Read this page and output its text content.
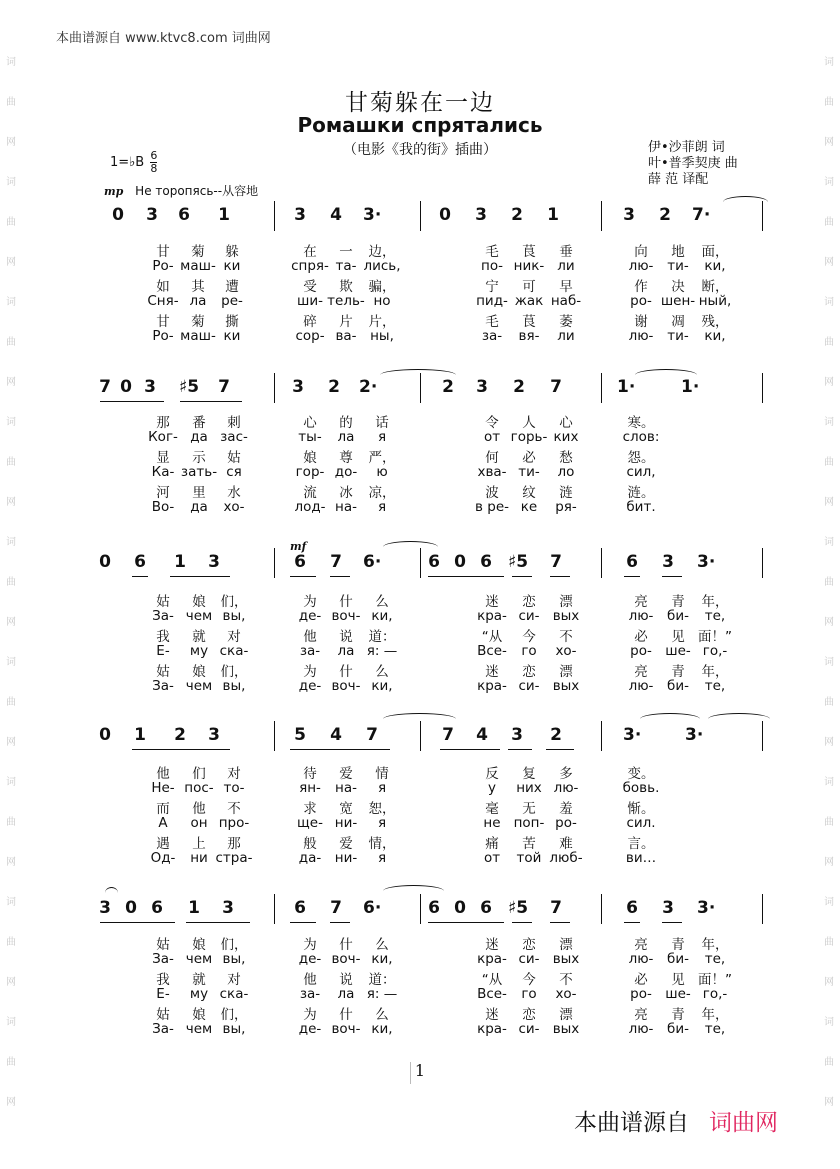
本曲谱源自 www.ktvc8.com 词曲网
词
曲
网
词
曲
网
词
曲
网
词
曲
网
词
曲
网
词
曲
网
词
曲
网
词
曲
网
词
曲
网
词
曲
网
词
曲
网
词
曲
网
词
曲
网
词
曲
网
词
曲
网
词
曲
网
词
曲
网
词
曲
网
甘菊躲在一边
Ромашки спрятались
（电影《我的街》插曲）	伊•沙菲朗 词
叶•普季契庚 曲
薛 范 译配
1=♭B $\frac{6}{8}$
mp Не торопясь--从容地
mf
0 3 6 1	3 4 3·	0 3 2 1	3 2 7·
甘	菊	躲	在	一	边，	毛	茛	垂	向	地	面，
Ро- маш- ки	спря- та- лись,	по- ник- ли	лю-	ти-	ки,
如	其	遭	受	欺	骗，	宁	可	早	作	决	断，
Сня- ла	ре-	ши- тель- но	пид- жак наб-	ро- шен- ный,
甘	菊	撕	碎	片	片，	毛	茛	萎	谢	凋	残，
Ро- маш- ки	сор- ва-	ны,	за-	вя-	ли	лю-	ти-	ки,
7 0 3 ♯5 7	3 2 2·	2 3 2 7	1·	1·
那	番	刺	心	的	话	令	人	心	寒。
Ког- да зас-	ты-	ла	я	от горь- ких	слов:
显	示	姑	娘	尊	严，	何	必	愁	怨。
Ка- зать- ся	гор- до-	ю	хва- ти-	ло	сил,
河	里	水	流	冰	凉，	波	纹	涟	涟。
Во-	да	хо-	лод- на-	я	в ре- ке	ря-	бит.
0 6 1 3	6 7 6·	6 0 6 ♯5 7	6 3 3·
姑	娘	们，	为	什	么	迷	恋	漂	亮	青	年，
За- чем вы,	де- воч- ки,	кра- си- вых	лю-	би-	те,
我	就	对	他	说	道：	“从	今	不	必	见 面！”
Е-	му ска-	за-	ла я: —	Все-	го	хо-	ро- ше- го,-
姑	娘	们，	为	什	么	迷	恋	漂	亮	青	年，
За- чем вы,	де- воч- ки,	кра- си- вых	лю-	би-	те,
0 1 2 3	5 4 7	7 4 3 2	3·	3·
他	们	对	待	爱	情	反	复	多	变。
Не- пос- то-	ян-	на-	я	у	них лю-	бовь.
而	他	不	求	宽	恕，	毫	无	羞	惭。
А	он про-	ще- ни-	я	не поп- ро-	сил.
遇	上	那	般	爱	情，	痛	苦	难	言。
Од-	ни стра-	да-	ни-	я	от	той люб-	ви…
3 0 6 1 3	6 7 6·	6 0 6 ♯5 7	6 3 3·
姑	娘	们，	为	什	么	迷	恋	漂	亮	青	年，
За- чем вы,	де- воч- ки,	кра- си- вых	лю-	би-	те,
我	就	对	他	说	道：	“从	今	不	必	见 面！”
Е-	му ска-	за-	ла я: —	Все-	го	хо-	ро- ше- го,-
姑	娘	们，	为	什	么	迷	恋	漂	亮	青	年，
За- чем вы,	де- воч- ки,	кра- си- вых	лю-	би-	те,
1
本曲谱源自 词曲网
